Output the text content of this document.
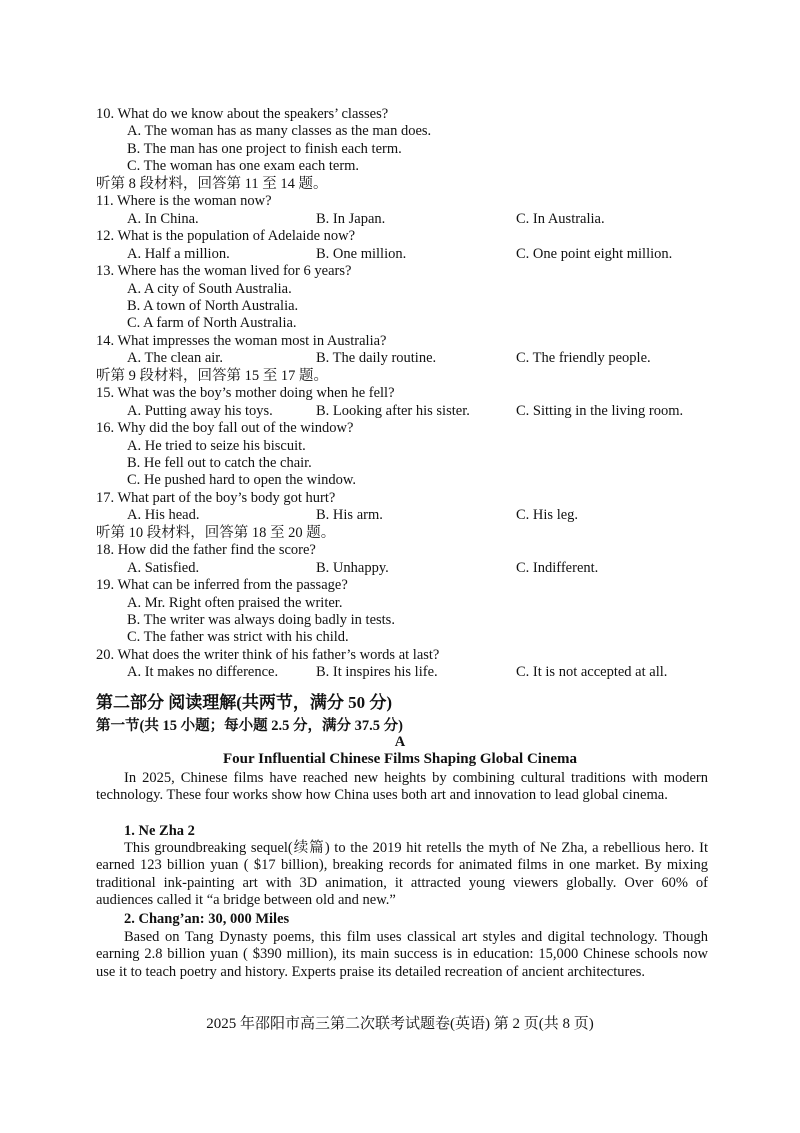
10. What do we know about the speakers’ classes?
A. The woman has as many classes as the man does.
B. The man has one project to finish each term.
C. The woman has one exam each term.
听第 8 段材料，回答第 11 至 14 题。
11. Where is the woman now?
A. In China.	B. In Japan.	C. In Australia.
12. What is the population of Adelaide now?
A. Half a million.	B. One million.	C. One point eight million.
13. Where has the woman lived for 6 years?
A. A city of South Australia.
B. A town of North Australia.
C. A farm of North Australia.
14. What impresses the woman most in Australia?
A. The clean air.	B. The daily routine.	C. The friendly people.
听第 9 段材料，回答第 15 至 17 题。
15. What was the boy’s mother doing when he fell?
A. Putting away his toys.	B. Looking after his sister.	C. Sitting in the living room.
16. Why did the boy fall out of the window?
A. He tried to seize his biscuit.
B. He fell out to catch the chair.
C. He pushed hard to open the window.
17. What part of the boy’s body got hurt?
A. His head.	B. His arm.	C. His leg.
听第 10 段材料，回答第 18 至 20 题。
18. How did the father find the score?
A. Satisfied.	B. Unhappy.	C. Indifferent.
19. What can be inferred from the passage?
A. Mr. Right often praised the writer.
B. The writer was always doing badly in tests.
C. The father was strict with his child.
20. What does the writer think of his father’s words at last?
A. It makes no difference.	B. It inspires his life.	C. It is not accepted at all.
第二部分 阅读理解(共两节，满分 50 分)
第一节(共 15 小题；每小题 2.5 分，满分 37.5 分)
A
Four Influential Chinese Films Shaping Global Cinema
In 2025, Chinese films have reached new heights by combining cultural traditions with modern technology. These four works show how China uses both art and innovation to lead global cinema.
1. Ne Zha 2
This groundbreaking sequel(续篇) to the 2019 hit retells the myth of Ne Zha, a rebellious hero. It earned 123 billion yuan ( $17 billion), breaking records for animated films in one market. By mixing traditional ink-painting art with 3D animation, it attracted young viewers globally. Over 60% of audiences called it “a bridge between old and new.”
2. Chang’an: 30, 000 Miles
Based on Tang Dynasty poems, this film uses classical art styles and digital technology. Though earning 2.8 billion yuan ( $390 million), its main success is in education: 15,000 Chinese schools now use it to teach poetry and history. Experts praise its detailed recreation of ancient architectures.
2025 年邵阳市高三第二次联考试题卷(英语) 第 2 页(共 8 页)
